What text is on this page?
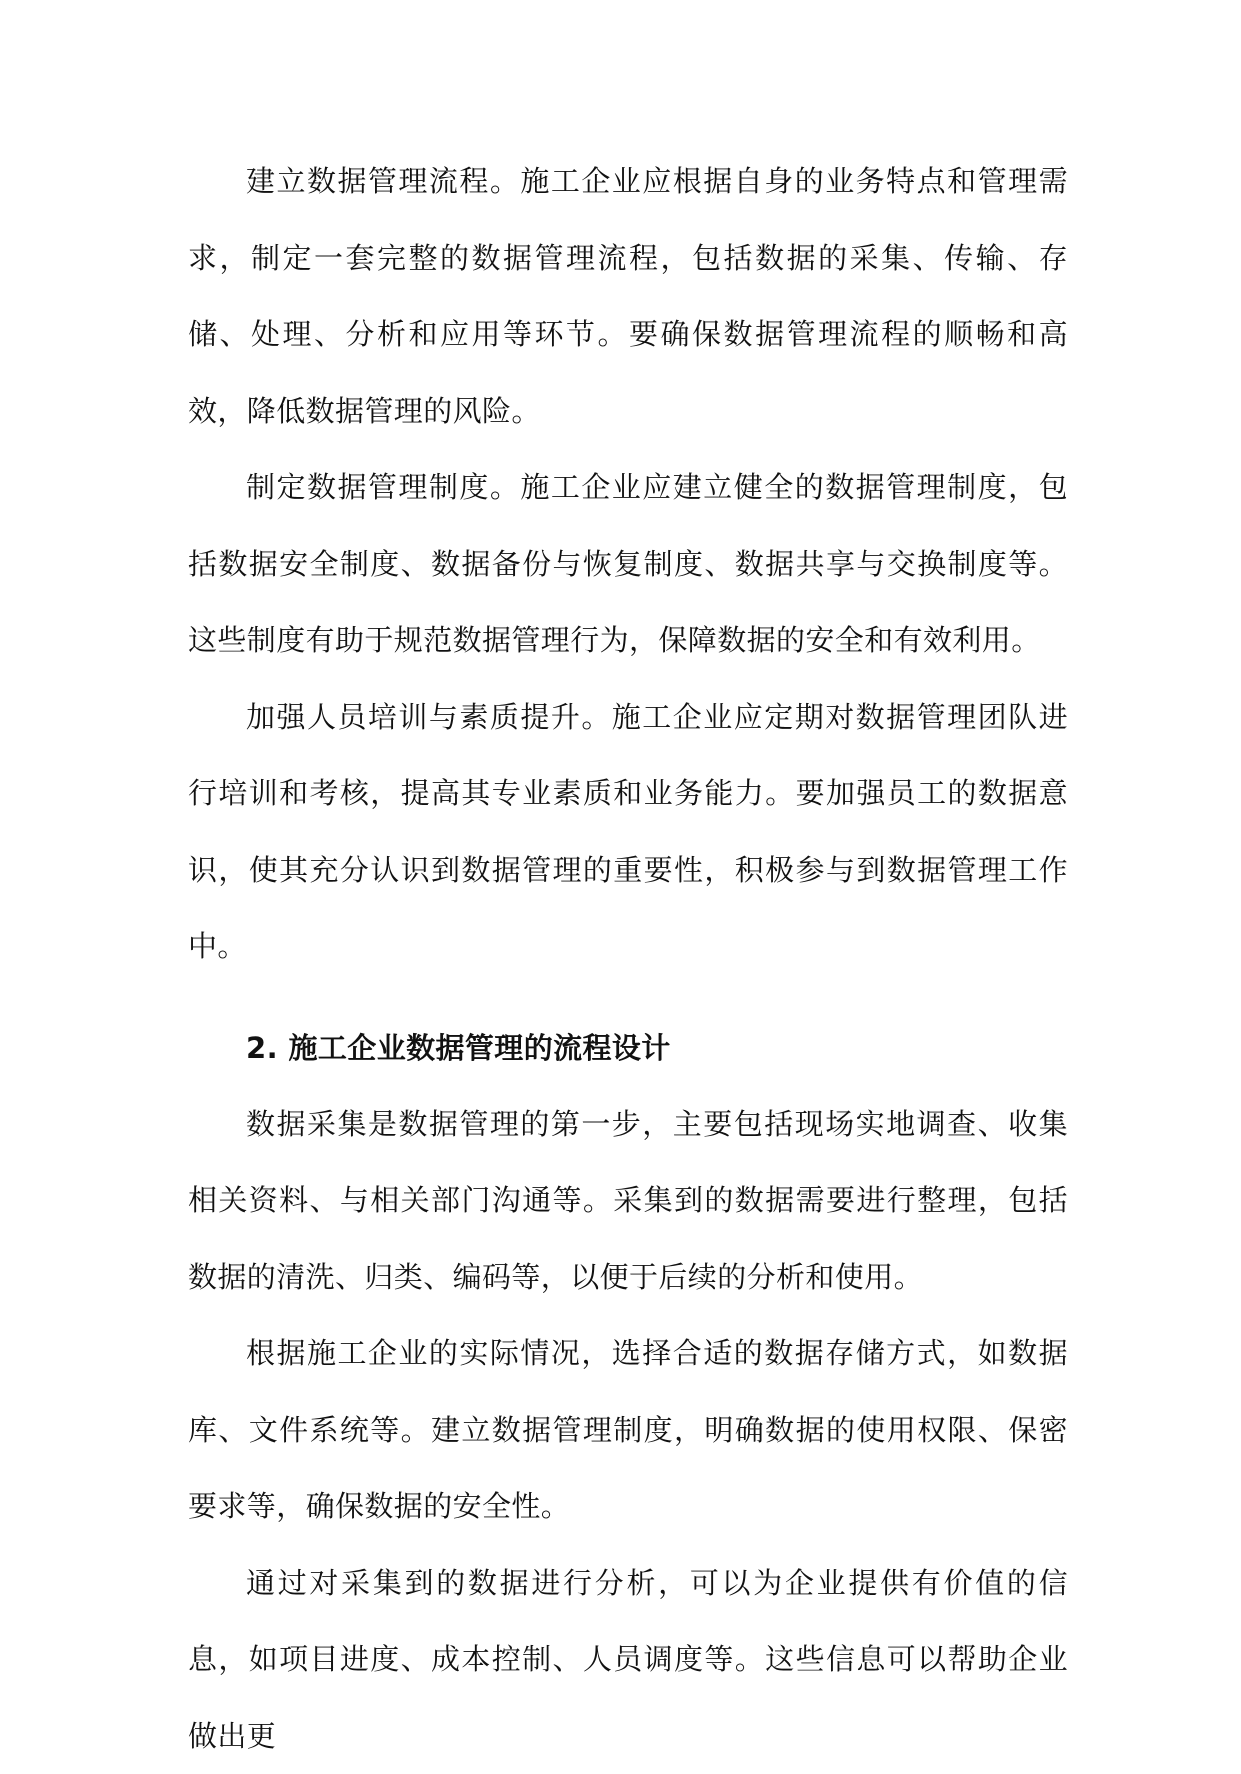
建立数据管理流程。施工企业应根据自身的业务特点和管理需求，制定一套完整的数据管理流程，包括数据的采集、传输、存储、处理、分析和应用等环节。要确保数据管理流程的顺畅和高效，降低数据管理的风险。

制定数据管理制度。施工企业应建立健全的数据管理制度，包括数据安全制度、数据备份与恢复制度、数据共享与交换制度等。这些制度有助于规范数据管理行为，保障数据的安全和有效利用。

加强人员培训与素质提升。施工企业应定期对数据管理团队进行培训和考核，提高其专业素质和业务能力。要加强员工的数据意识，使其充分认识到数据管理的重要性，积极参与到数据管理工作中。

2. 施工企业数据管理的流程设计

数据采集是数据管理的第一步，主要包括现场实地调查、收集相关资料、与相关部门沟通等。采集到的数据需要进行整理，包括数据的清洗、归类、编码等，以便于后续的分析和使用。

根据施工企业的实际情况，选择合适的数据存储方式，如数据库、文件系统等。建立数据管理制度，明确数据的使用权限、保密要求等，确保数据的安全性。

通过对采集到的数据进行分析，可以为企业提供有价值的信息，如项目进度、成本控制、人员调度等。这些信息可以帮助企业做出更
